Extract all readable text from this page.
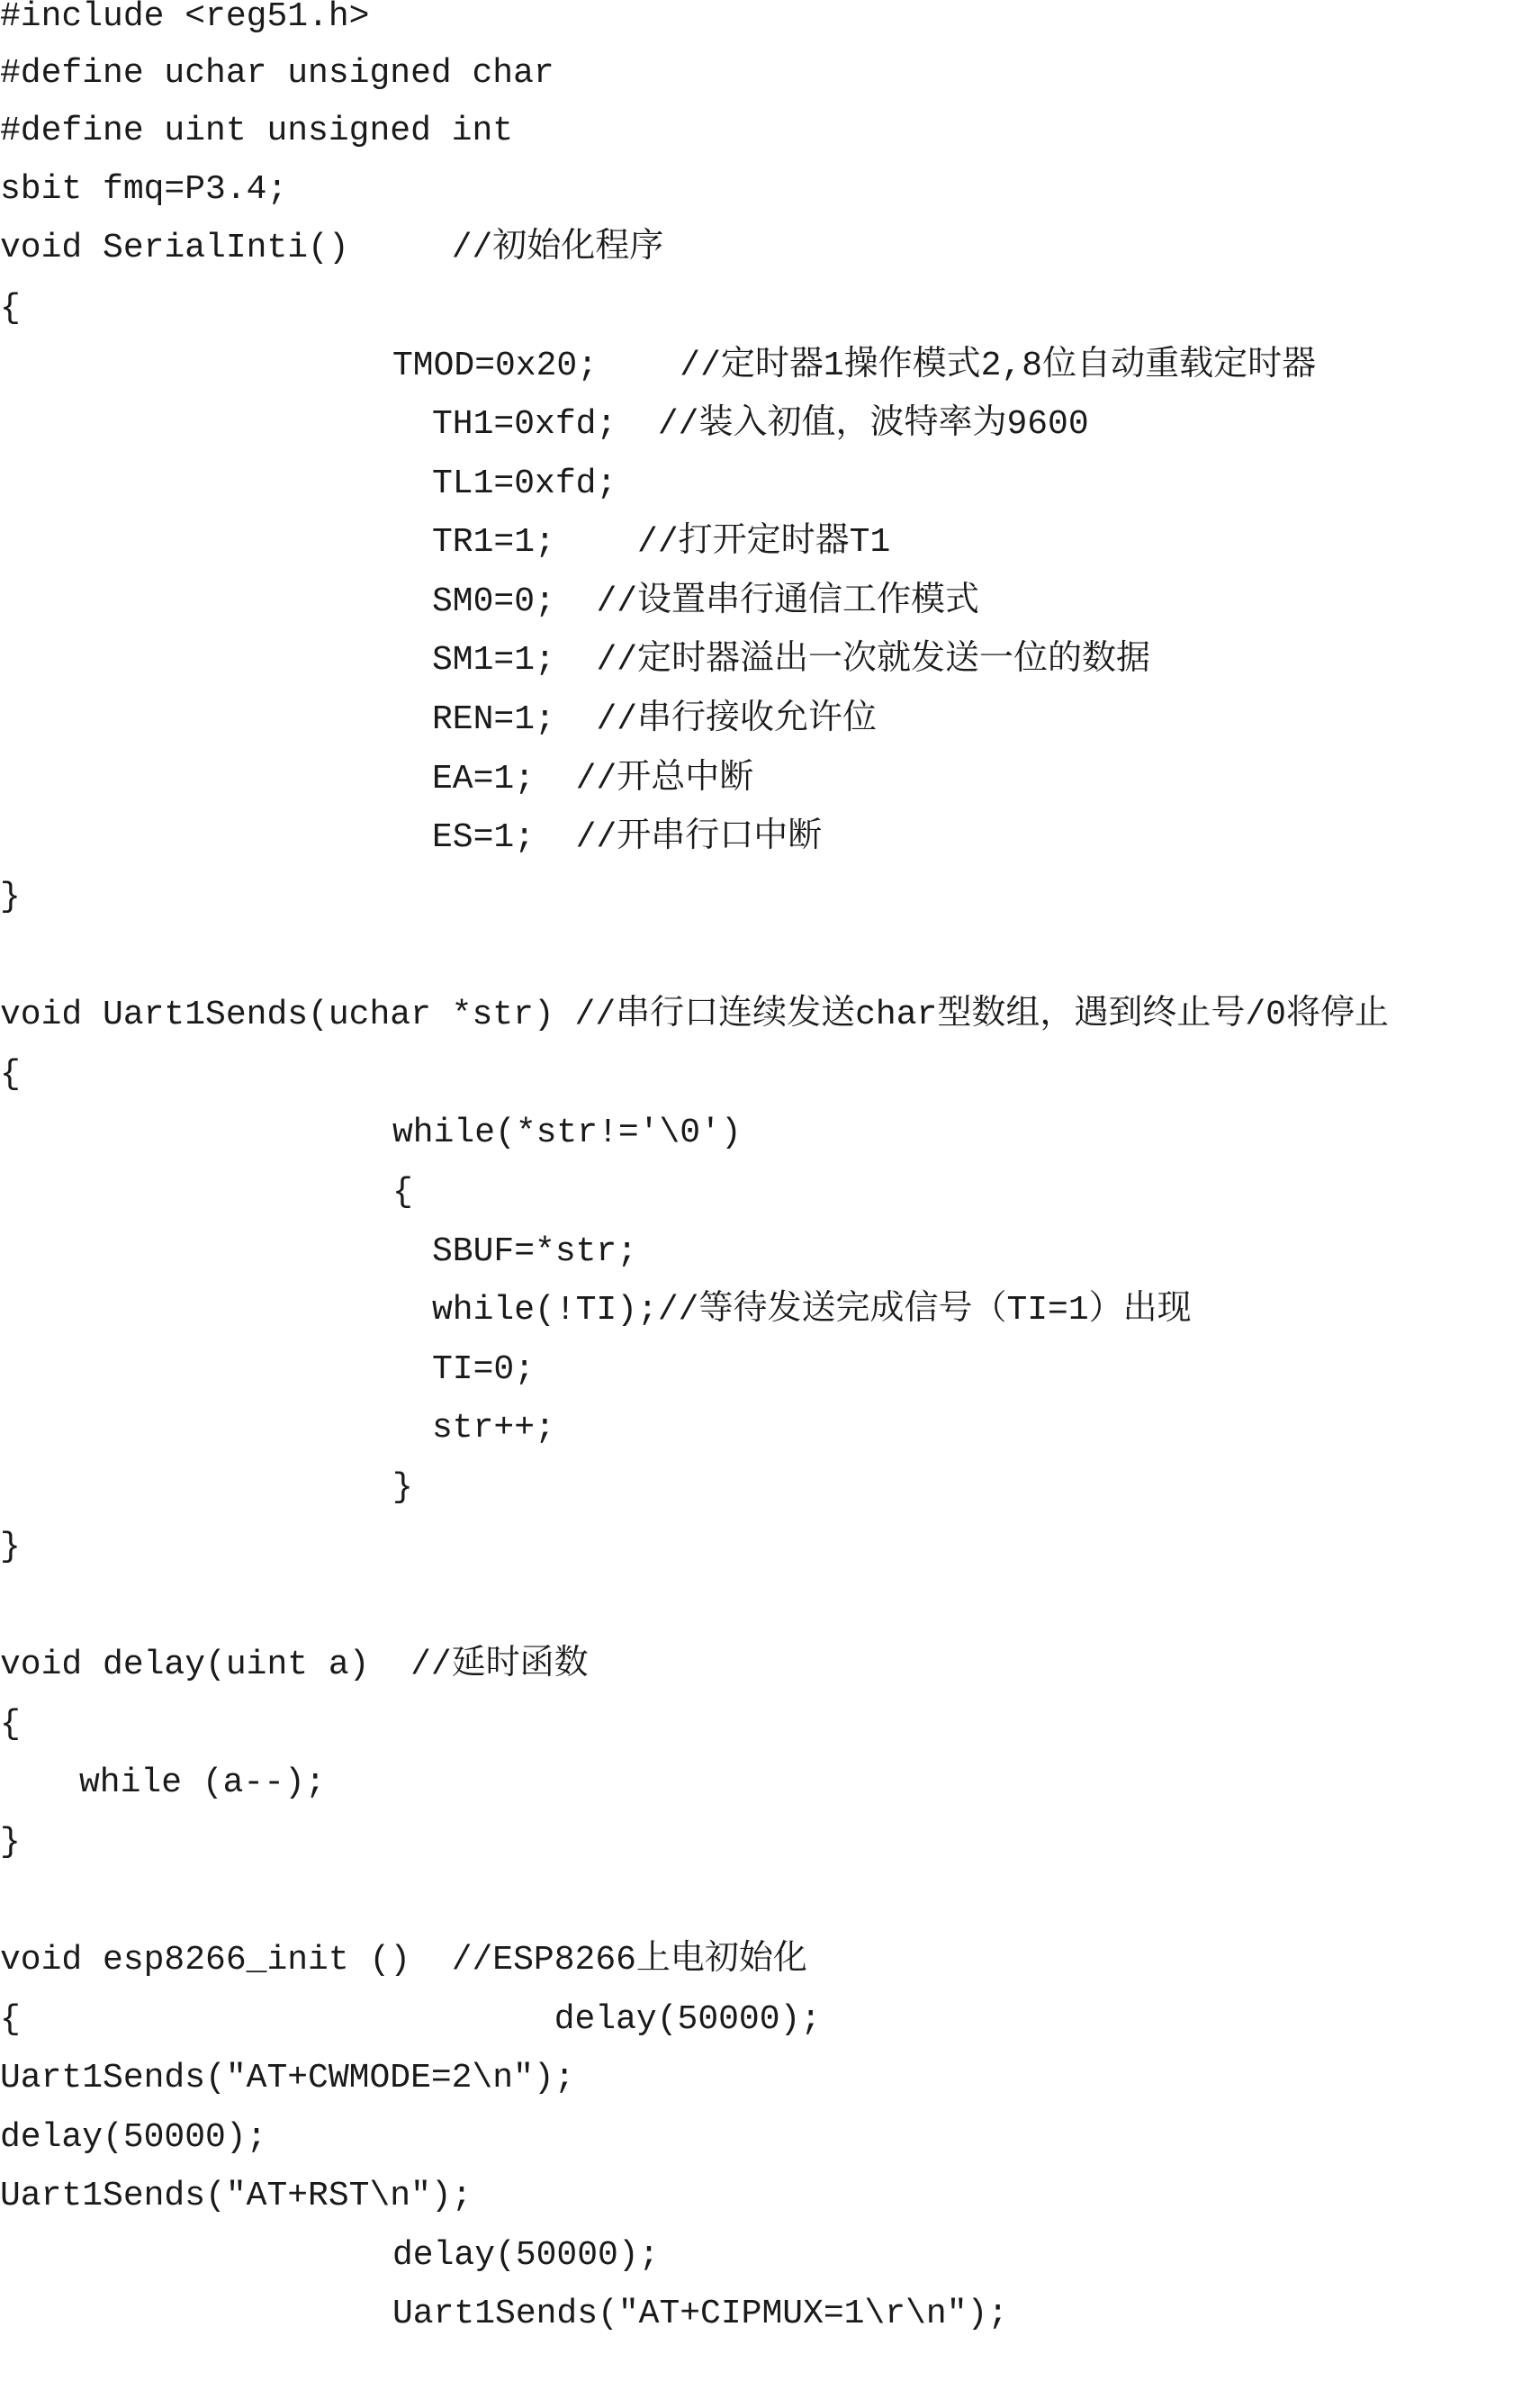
#include <reg51.h>

#define uchar unsigned char

#define uint unsigned int

sbit fmq=P3.4;

void SerialInti()     //初始化程序

{

TMOD=0x20;    //定时器1操作模式2,8位自动重载定时器

TH1=0xfd;  //装入初值，波特率为9600

TL1=0xfd;

TR1=1;    //打开定时器T1

SM0=0;  //设置串行通信工作模式

SM1=1;  //定时器溢出一次就发送一位的数据

REN=1;  //串行接收允许位

EA=1;  //开总中断

ES=1;  //开串行口中断

}

void Uart1Sends(uchar *str) //串行口连续发送char型数组，遇到终止号/0将停止

{

while(*str!='\0')

{

SBUF=*str;

while(!TI);//等待发送完成信号（TI=1）出现

TI=0;

str++;

}

}

void delay(uint a)  //延时函数

{

while (a--);

}

void esp8266_init ()  //ESP8266上电初始化

{                          delay(50000);

Uart1Sends("AT+CWMODE=2\n");

delay(50000);

Uart1Sends("AT+RST\n");

delay(50000);

Uart1Sends("AT+CIPMUX=1\r\n");
